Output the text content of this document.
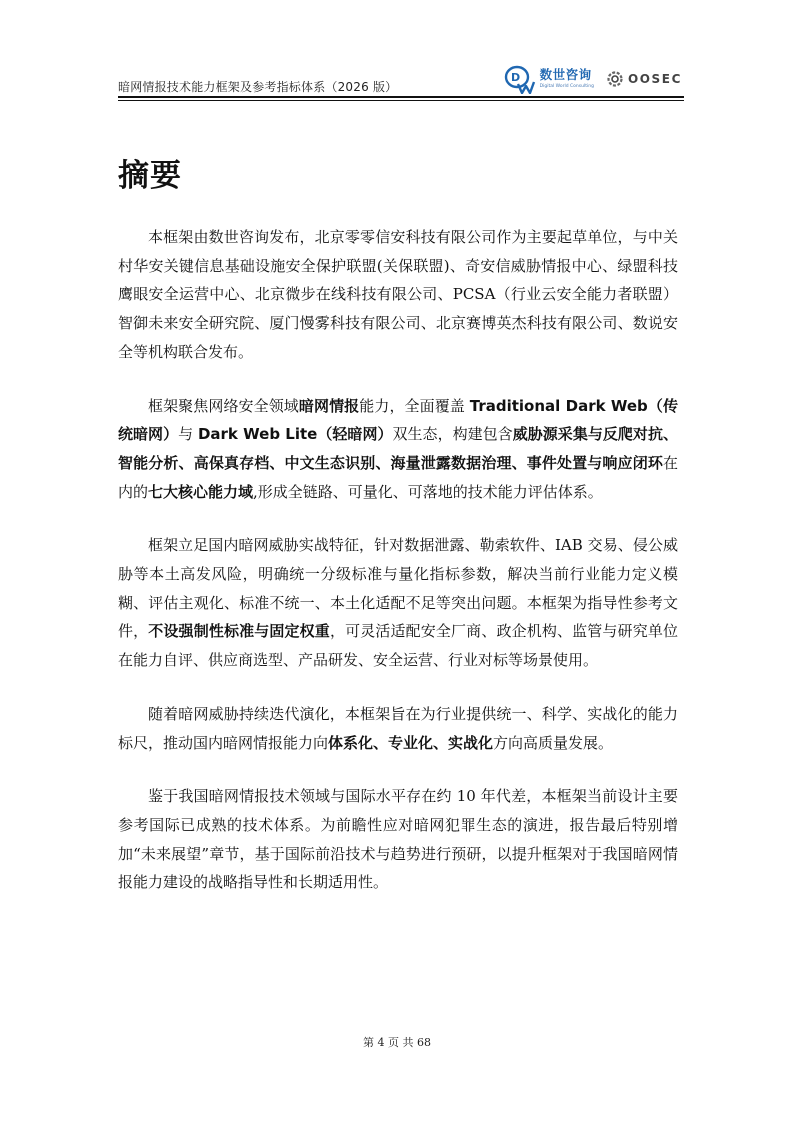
暗网情报技术能力框架及参考指标体系（2026 版）
D 数世咨询
Digital World Consulting	OOSEC
摘要

本框架由数世咨询发布，北京零零信安科技有限公司作为主要起草单位，与中关村华安关键信息基础设施安全保护联盟(关保联盟)、奇安信威胁情报中心、绿盟科技鹰眼安全运营中心、北京微步在线科技有限公司、PCSA（行业云安全能力者联盟）智御未来安全研究院、厦门慢雾科技有限公司、北京赛博英杰科技有限公司、数说安全等机构联合发布。

框架聚焦网络安全领域暗网情报能力，全面覆盖 Traditional Dark Web（传统暗网）与 Dark Web Lite（轻暗网）双生态，构建包含威胁源采集与反爬对抗、智能分析、高保真存档、中文生态识别、海量泄露数据治理、事件处置与响应闭环在内的七大核心能力域,形成全链路、可量化、可落地的技术能力评估体系。

框架立足国内暗网威胁实战特征，针对数据泄露、勒索软件、IAB 交易、侵公威胁等本土高发风险，明确统一分级标准与量化指标参数，解决当前行业能力定义模糊、评估主观化、标准不统一、本土化适配不足等突出问题。本框架为指导性参考文件，不设强制性标准与固定权重，可灵活适配安全厂商、政企机构、监管与研究单位在能力自评、供应商选型、产品研发、安全运营、行业对标等场景使用。

随着暗网威胁持续迭代演化，本框架旨在为行业提供统一、科学、实战化的能力标尺，推动国内暗网情报能力向体系化、专业化、实战化方向高质量发展。

鉴于我国暗网情报技术领域与国际水平存在约 10 年代差，本框架当前设计主要参考国际已成熟的技术体系。为前瞻性应对暗网犯罪生态的演进，报告最后特别增加“未来展望”章节，基于国际前沿技术与趋势进行预研，以提升框架对于我国暗网情报能力建设的战略指导性和长期适用性。

第 4 页 共 68
